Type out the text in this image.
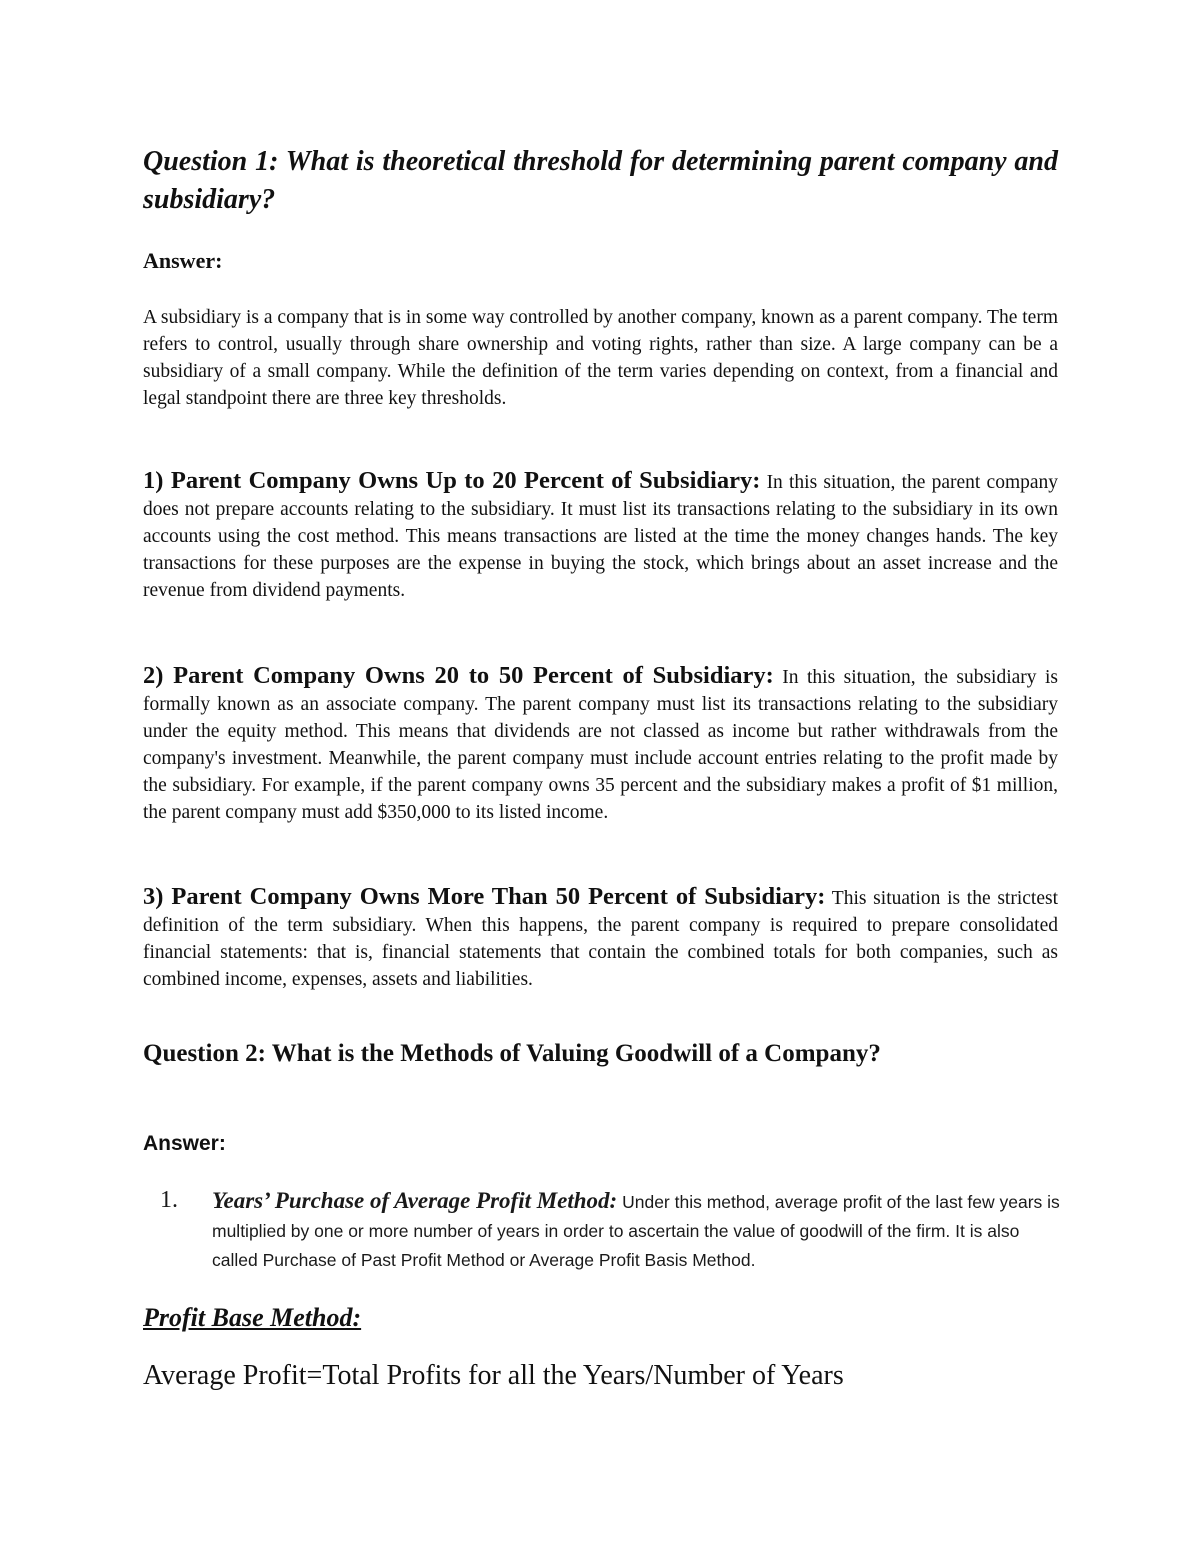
Question 1: What is theoretical threshold for determining parent company and subsidiary?

Answer:

A subsidiary is a company that is in some way controlled by another company, known as a parent company. The term refers to control, usually through share ownership and voting rights, rather than size. A large company can be a subsidiary of a small company. While the definition of the term varies depending on context, from a financial and legal standpoint there are three key thresholds.

1) Parent Company Owns Up to 20 Percent of Subsidiary: In this situation, the parent company does not prepare accounts relating to the subsidiary. It must list its transactions relating to the subsidiary in its own accounts using the cost method. This means transactions are listed at the time the money changes hands. The key transactions for these purposes are the expense in buying the stock, which brings about an asset increase and the revenue from dividend payments.

2) Parent Company Owns 20 to 50 Percent of Subsidiary: In this situation, the subsidiary is formally known as an associate company. The parent company must list its transactions relating to the subsidiary under the equity method. This means that dividends are not classed as income but rather withdrawals from the company's investment. Meanwhile, the parent company must include account entries relating to the profit made by the subsidiary. For example, if the parent company owns 35 percent and the subsidiary makes a profit of $1 million, the parent company must add $350,000 to its listed income.

3) Parent Company Owns More Than 50 Percent of Subsidiary: This situation is the strictest definition of the term subsidiary. When this happens, the parent company is required to prepare consolidated financial statements: that is, financial statements that contain the combined totals for both companies, such as combined income, expenses, assets and liabilities.

Question 2: What is the Methods of Valuing Goodwill of a Company?

Answer:

1. Years’ Purchase of Average Profit Method: Under this method, average profit of the last few years is multiplied by one or more number of years in order to ascertain the value of goodwill of the firm. It is also called Purchase of Past Profit Method or Average Profit Basis Method.

Profit Base Method:

Average Profit=Total Profits for all the Years/Number of Years
